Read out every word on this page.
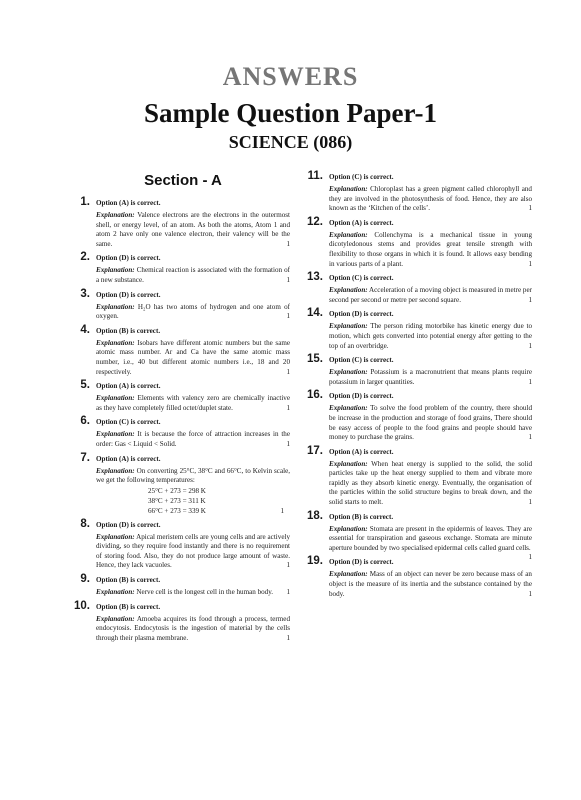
ANSWERS
Sample Question Paper-1
SCIENCE (086)
Section - A
1. Option (A) is correct.
Explanation: Valence electrons are the electrons in the outermost shell, or energy level, of an atom. As both the atoms, Atom 1 and atom 2 have only one valence electron, their valency will be the same.	1
2. Option (D) is correct.
Explanation: Chemical reaction is associated with the formation of a new substance.	1
3. Option (D) is correct.
Explanation: H₂O has two atoms of hydrogen and one atom of oxygen.	1
4. Option (B) is correct.
Explanation: Isobars have different atomic numbers but the same atomic mass number. Ar and Ca have the same atomic mass number, i.e., 40 but different atomic numbers i.e., 18 and 20 respectively.	1
5. Option (A) is correct.
Explanation: Elements with valency zero are chemically inactive as they have completely filled octet/duplet state.	1
6. Option (C) is correct.
Explanation: It is because the force of attraction increases in the order: Gas < Liquid < Solid.	1
7. Option (A) is correct.
Explanation: On converting 25°C, 38°C and 66°C, to Kelvin scale, we get the following temperatures:
25°C + 273 = 298 K
38°C + 273 = 311 K
66°C + 273 = 339 K	1
8. Option (D) is correct.
Explanation: Apical meristem cells are young cells and are actively dividing, so they require food instantly and there is no requirement of storing food. Also, they do not produce large amount of waste. Hence, they lack vacuoles.	1
9. Option (B) is correct.
Explanation: Nerve cell is the longest cell in the human body. 1
10. Option (B) is correct.
Explanation: Amoeba acquires its food through a process, termed endocytosis. Endocytosis is the ingestion of material by the cells through their plasma membrane.	1
11. Option (C) is correct.
Explanation: Chloroplast has a green pigment called chlorophyll and they are involved in the photosynthesis of food. Hence, they are also known as the ‘Kitchen of the cells’.	1
12. Option (A) is correct.
Explanation: Collenchyma is a mechanical tissue in young dicotyledonous stems and provides great tensile strength with flexibility to those organs in which it is found. It allows easy bending in various parts of a plant.	1
13. Option (C) is correct.
Explanation: Acceleration of a moving object is measured in metre per second per second or metre per second square.	1
14. Option (D) is correct.
Explanation: The person riding motorbike has kinetic energy due to motion, which gets converted into potential energy after getting to the top of an overbridge.	1
15. Option (C) is correct.
Explanation: Potassium is a macronutrient that means plants require potassium in larger quantities.	1
16. Option (D) is correct.
Explanation: To solve the food problem of the country, there should be increase in the production and storage of food grains, There should be easy access of people to the food grains and people should have money to purchase the grains.	1
17. Option (A) is correct.
Explanation: When heat energy is supplied to the solid, the solid particles take up the heat energy supplied to them and vibrate more rapidly as they absorb kinetic energy. Eventually, the organisation of the particles within the solid structure begins to break down, and the solid starts to melt.	1
18. Option (B) is correct.
Explanation: Stomata are present in the epidermis of leaves. They are essential for transpiration and gaseous exchange. Stomata are minute aperture bounded by two specialised epidermal cells called guard cells.
1
19. Option (D) is correct.
Explanation: Mass of an object can never be zero because mass of an object is the measure of its inertia and the substance contained by the body.	1
